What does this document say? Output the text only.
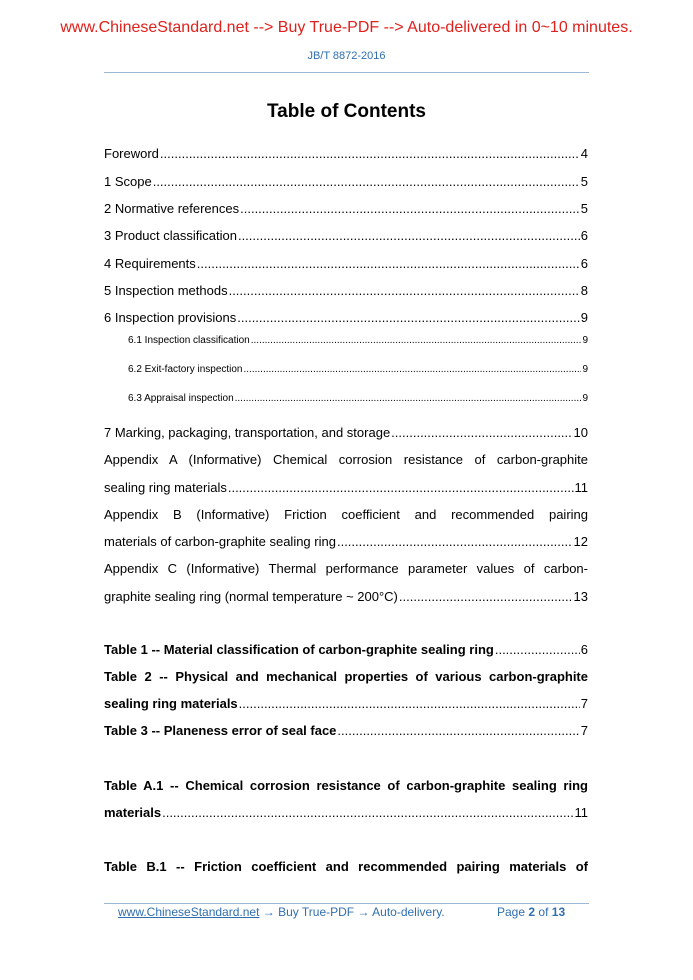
www.ChineseStandard.net --> Buy True-PDF --> Auto-delivered in 0~10 minutes.
JB/T 8872-2016
Table of Contents
Foreword .....	4
1 Scope .....	5
2 Normative references .....	5
3 Product classification .....	6
4 Requirements .....	6
5 Inspection methods .....	8
6 Inspection provisions .....	9
6.1 Inspection classification .....	9
6.2 Exit-factory inspection .....	9
6.3 Appraisal inspection .....	9
7 Marking, packaging, transportation, and storage .....	10
Appendix A (Informative) Chemical corrosion resistance of carbon-graphite
sealing ring materials .....	11
Appendix B (Informative) Friction coefficient and recommended pairing
materials of carbon-graphite sealing ring .....	12
Appendix C (Informative) Thermal performance parameter values of carbon-
graphite sealing ring (normal temperature ~ 200°C) .....	13
Table 1 -- Material classification of carbon-graphite sealing ring .....	6
Table 2 -- Physical and mechanical properties of various carbon-graphite
sealing ring materials .....	7
Table 3 -- Planeness error of seal face .....	7
Table A.1 -- Chemical corrosion resistance of carbon-graphite sealing ring
materials .....	11
Table B.1 -- Friction coefficient and recommended pairing materials of
www.ChineseStandard.net → Buy True-PDF → Auto-delivery.	Page 2 of 13
